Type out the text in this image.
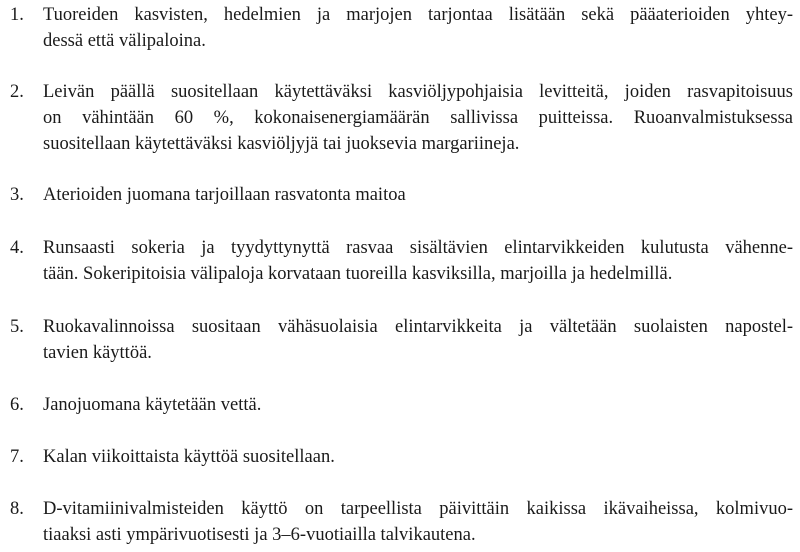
1.	Tuoreiden kasvisten, hedelmien ja marjojen tarjontaa lisätään sekä pääaterioiden yhtey-
dessä että välipaloina.
2.	Leivän päällä suositellaan käytettäväksi kasviöljypohjaisia levitteitä, joiden rasvapitoisuus
on vähintään 60 %, kokonaisenergiamäärän sallivissa puitteissa. Ruoanvalmistuksessa
suositellaan käytettäväksi kasviöljyjä tai juoksevia margariineja.
3.	Aterioiden juomana tarjoillaan rasvatonta maitoa
4.	Runsaasti sokeria ja tyydyttynyttä rasvaa sisältävien elintarvikkeiden kulutusta vähenne-
tään. Sokeripitoisia välipaloja korvataan tuoreilla kasviksilla, marjoilla ja hedelmillä.
5.	Ruokavalinnoissa suositaan vähäsuolaisia elintarvikkeita ja vältetään suolaisten napostel-
tavien käyttöä.
6.	Janojuomana käytetään vettä.
7.	Kalan viikoittaista käyttöä suositellaan.
8.	D-vitamiinivalmisteiden käyttö on tarpeellista päivittäin kaikissa ikävaiheissa, kolmivuo-
tiaaksi asti ympärivuotisesti ja 3–6-vuotiailla talvikautena.
